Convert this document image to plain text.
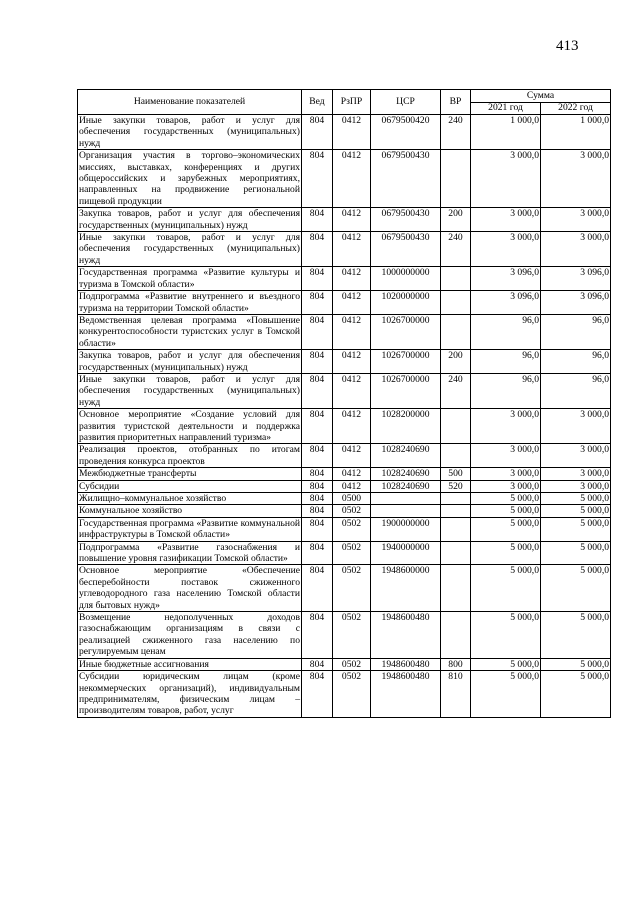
413
Наименование показателей	Вед	РзПР	ЦСР	ВР	Сумма	
					2021 год	2022 год
Иные закупки товаров, работ и услуг для обеспечения государственных (муниципальных) нужд	804	0412	0679500420	240	1 000,0	1 000,0
Организация участия в торгово–экономических миссиях, выставках, конференциях и других общероссийских и зарубежных мероприятиях, направленных на продвижение региональной пищевой продукции	804	0412	0679500430		3 000,0	3 000,0
Закупка товаров, работ и услуг для обеспечения государственных (муниципальных) нужд	804	0412	0679500430	200	3 000,0	3 000,0
Иные закупки товаров, работ и услуг для обеспечения государственных (муниципальных) нужд	804	0412	0679500430	240	3 000,0	3 000,0
Государственная программа «Развитие культуры и туризма в Томской области»	804	0412	1000000000		3 096,0	3 096,0
Подпрограмма «Развитие внутреннего и въездного туризма на территории Томской области»	804	0412	1020000000		3 096,0	3 096,0
Ведомственная целевая программа «Повышение конкурентоспособности туристских услуг в Томской области»	804	0412	1026700000		96,0	96,0
Закупка товаров, работ и услуг для обеспечения государственных (муниципальных) нужд	804	0412	1026700000	200	96,0	96,0
Иные закупки товаров, работ и услуг для обеспечения государственных (муниципальных) нужд	804	0412	1026700000	240	96,0	96,0
Основное мероприятие «Создание условий для развития туристской деятельности и поддержка развития приоритетных направлений туризма»	804	0412	1028200000		3 000,0	3 000,0
Реализация проектов, отобранных по итогам проведения конкурса проектов	804	0412	1028240690		3 000,0	3 000,0
Межбюджетные трансферты	804	0412	1028240690	500	3 000,0	3 000,0
Субсидии	804	0412	1028240690	520	3 000,0	3 000,0
Жилищно–коммунальное хозяйство	804	0500			5 000,0	5 000,0
Коммунальное хозяйство	804	0502			5 000,0	5 000,0
Государственная программа «Развитие коммунальной инфраструктуры в Томской области»	804	0502	1900000000		5 000,0	5 000,0
Подпрограмма «Развитие газоснабжения и повышение уровня газификации Томской области»	804	0502	1940000000		5 000,0	5 000,0
Основное мероприятие «Обеспечение бесперебойности поставок сжиженного углеводородного газа населению Томской области для бытовых нужд»	804	0502	1948600000		5 000,0	5 000,0
Возмещение недополученных доходов газоснабжающим организациям в связи с реализацией сжиженного газа населению по регулируемым ценам	804	0502	1948600480		5 000,0	5 000,0
Иные бюджетные ассигнования	804	0502	1948600480	800	5 000,0	5 000,0
Субсидии юридическим лицам (кроме некоммерческих организаций), индивидуальным предпринимателям, физическим лицам – производителям товаров, работ, услуг	804	0502	1948600480	810	5 000,0	5 000,0
